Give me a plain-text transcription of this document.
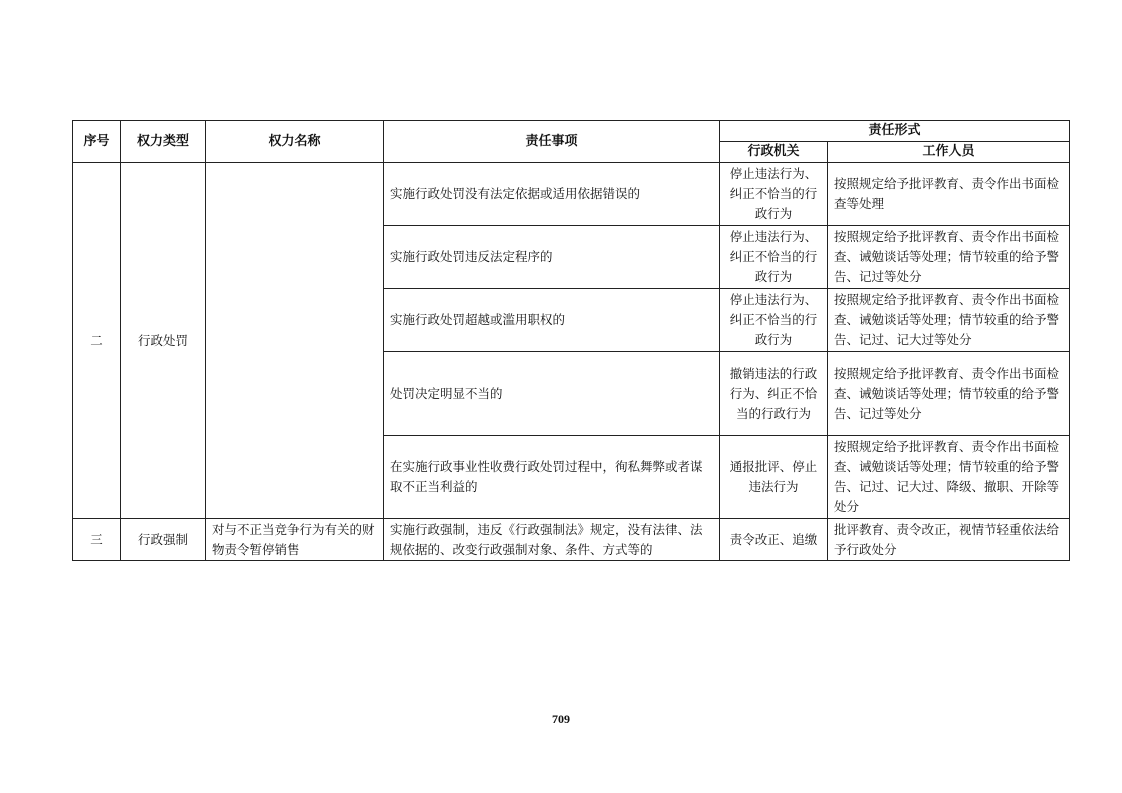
序号	权力类型	权力名称	责任事项	责任形式	
				行政机关	工作人员
二	行政处罚		实施行政处罚没有法定依据或适用依据错误的	停止违法行为、纠正不恰当的行政行为	按照规定给予批评教育、责令作出书面检查等处理
			实施行政处罚违反法定程序的	停止违法行为、纠正不恰当的行政行为	按照规定给予批评教育、责令作出书面检查、诫勉谈话等处理；情节较重的给予警告、记过等处分
			实施行政处罚超越或滥用职权的	停止违法行为、纠正不恰当的行政行为	按照规定给予批评教育、责令作出书面检查、诫勉谈话等处理；情节较重的给予警告、记过、记大过等处分
			处罚决定明显不当的	撤销违法的行政行为、纠正不恰当的行政行为	按照规定给予批评教育、责令作出书面检查、诫勉谈话等处理；情节较重的给予警告、记过等处分
			在实施行政事业性收费行政处罚过程中，徇私舞弊或者谋取不正当利益的	通报批评、停止违法行为	按照规定给予批评教育、责令作出书面检查、诫勉谈话等处理；情节较重的给予警告、记过、记大过、降级、撤职、开除等处分
三	行政强制	对与不正当竞争行为有关的财物责令暂停销售	实施行政强制，违反《行政强制法》规定，没有法律、法规依据的、改变行政强制对象、条件、方式等的	责令改正、追缴	批评教育、责令改正，视情节轻重依法给予行政处分
709
